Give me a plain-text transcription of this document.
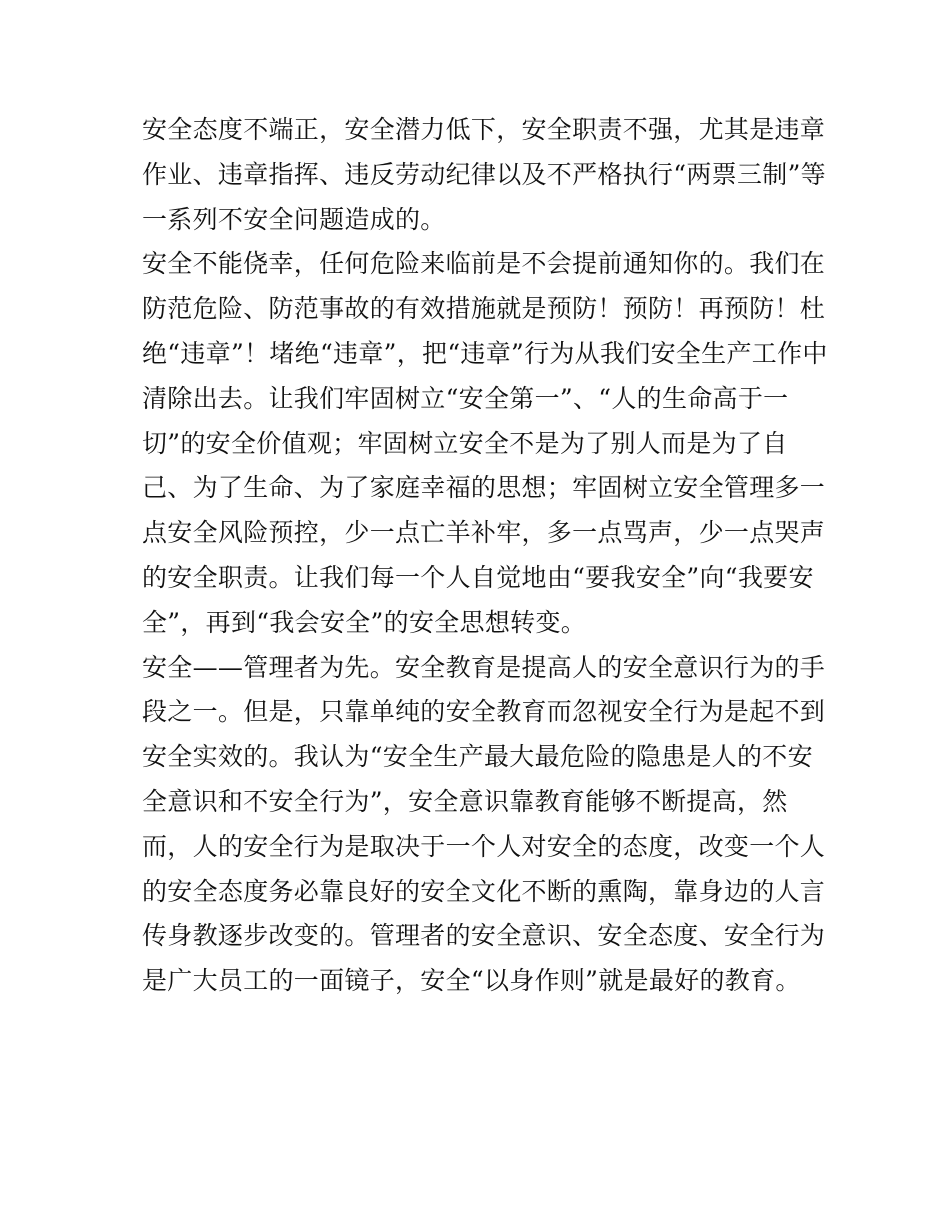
安全态度不端正，安全潜力低下，安全职责不强，尤其是违章
作业、违章指挥、违反劳动纪律以及不严格执行“两票三制”等
一系列不安全问题造成的。
安全不能侥幸，任何危险来临前是不会提前通知你的。我们在
防范危险、防范事故的有效措施就是预防！预防！再预防！杜
绝“违章”！堵绝“违章”，把“违章”行为从我们安全生产工作中
清除出去。让我们牢固树立“安全第一”、“人的生命高于一
切”的安全价值观；牢固树立安全不是为了别人而是为了自
己、为了生命、为了家庭幸福的思想；牢固树立安全管理多一
点安全风险预控，少一点亡羊补牢，多一点骂声，少一点哭声
的安全职责。让我们每一个人自觉地由“要我安全”向“我要安
全”，再到“我会安全”的安全思想转变。
安全——管理者为先。安全教育是提高人的安全意识行为的手
段之一。但是，只靠单纯的安全教育而忽视安全行为是起不到
安全实效的。我认为“安全生产最大最危险的隐患是人的不安
全意识和不安全行为”，安全意识靠教育能够不断提高，然
而，人的安全行为是取决于一个人对安全的态度，改变一个人
的安全态度务必靠良好的安全文化不断的熏陶，靠身边的人言
传身教逐步改变的。管理者的安全意识、安全态度、安全行为
是广大员工的一面镜子，安全“以身作则”就是最好的教育。
